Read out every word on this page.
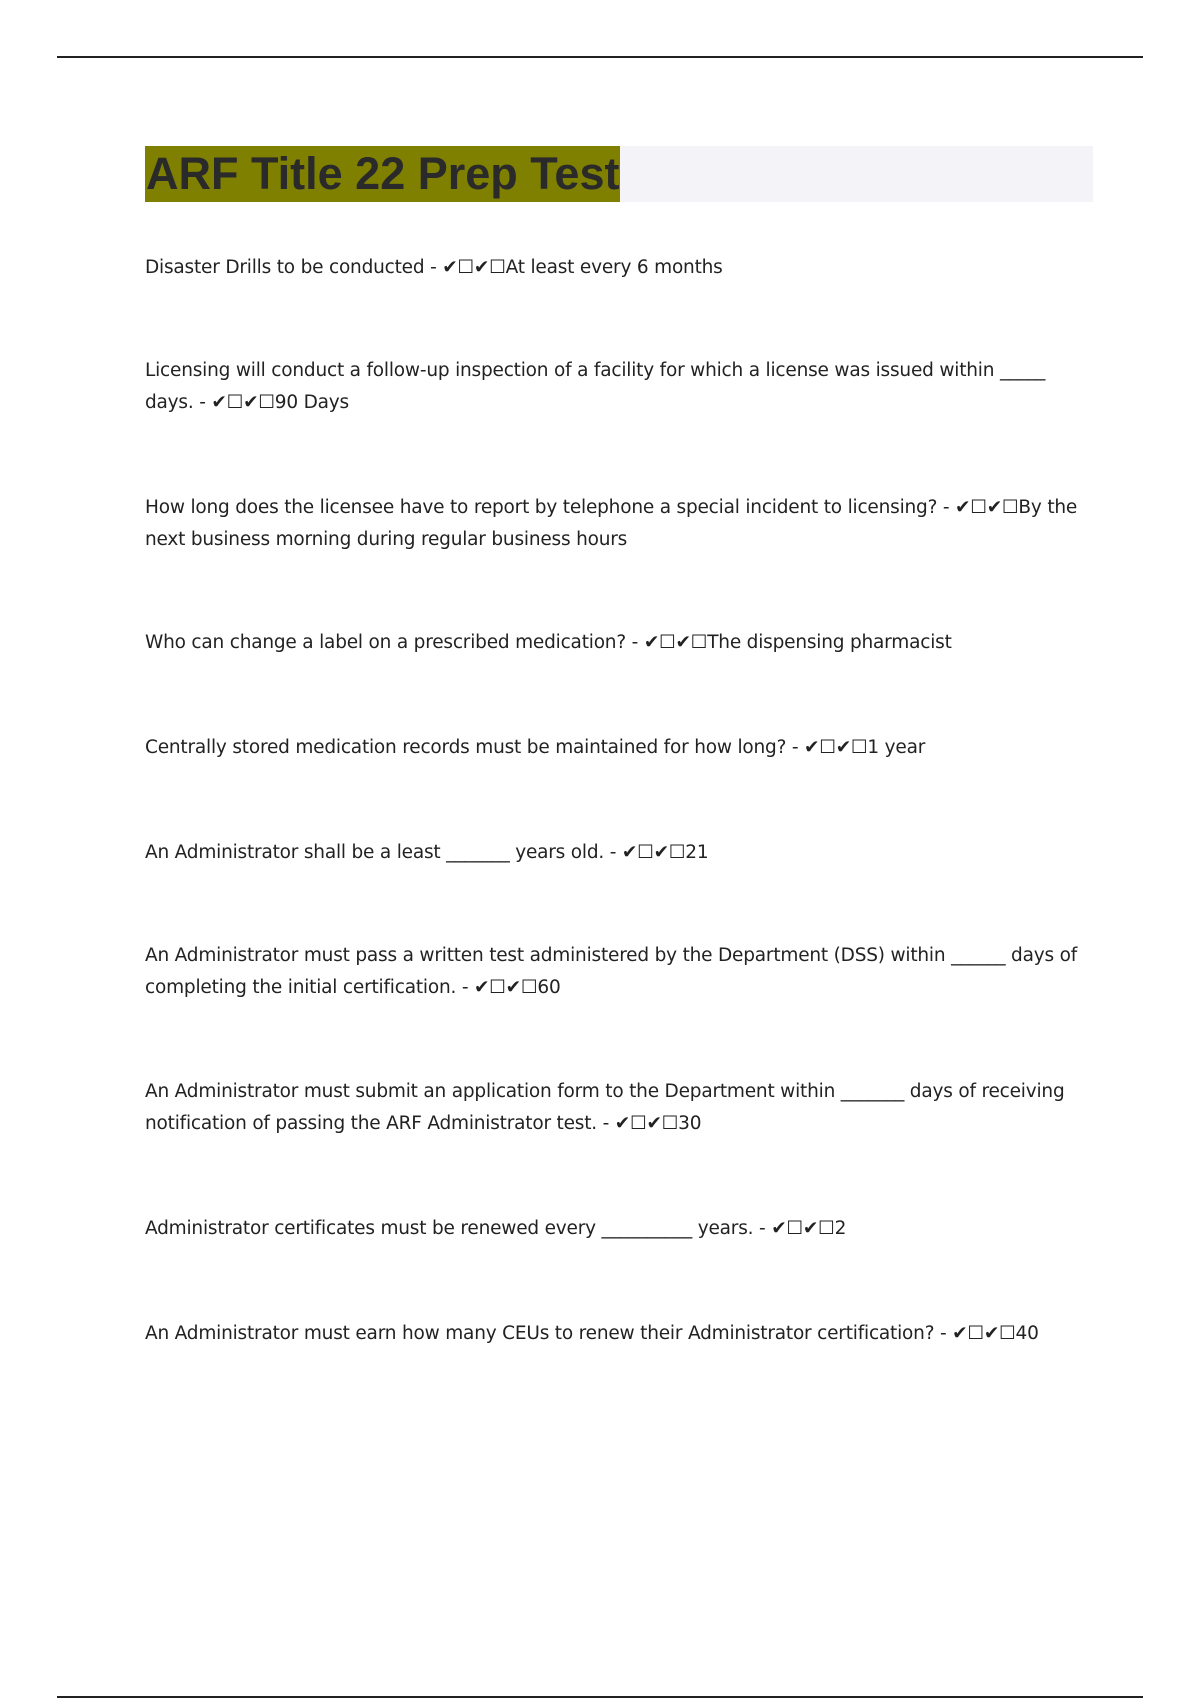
ARF Title 22 Prep Test

Disaster Drills to be conducted - ✔☐✔☐At least every 6 months

Licensing will conduct a follow-up inspection of a facility for which a license was issued within _____ days. - ✔☐✔☐90 Days

How long does the licensee have to report by telephone a special incident to licensing? - ✔☐✔☐By the next business morning during regular business hours

Who can change a label on a prescribed medication? - ✔☐✔☐The dispensing pharmacist

Centrally stored medication records must be maintained for how long? - ✔☐✔☐1 year

An Administrator shall be a least _______ years old. - ✔☐✔☐21

An Administrator must pass a written test administered by the Department (DSS) within ______ days of completing the initial certification. - ✔☐✔☐60

An Administrator must submit an application form to the Department within _______ days of receiving notification of passing the ARF Administrator test. - ✔☐✔☐30

Administrator certificates must be renewed every __________ years. - ✔☐✔☐2

An Administrator must earn how many CEUs to renew their Administrator certification? - ✔☐✔☐40
